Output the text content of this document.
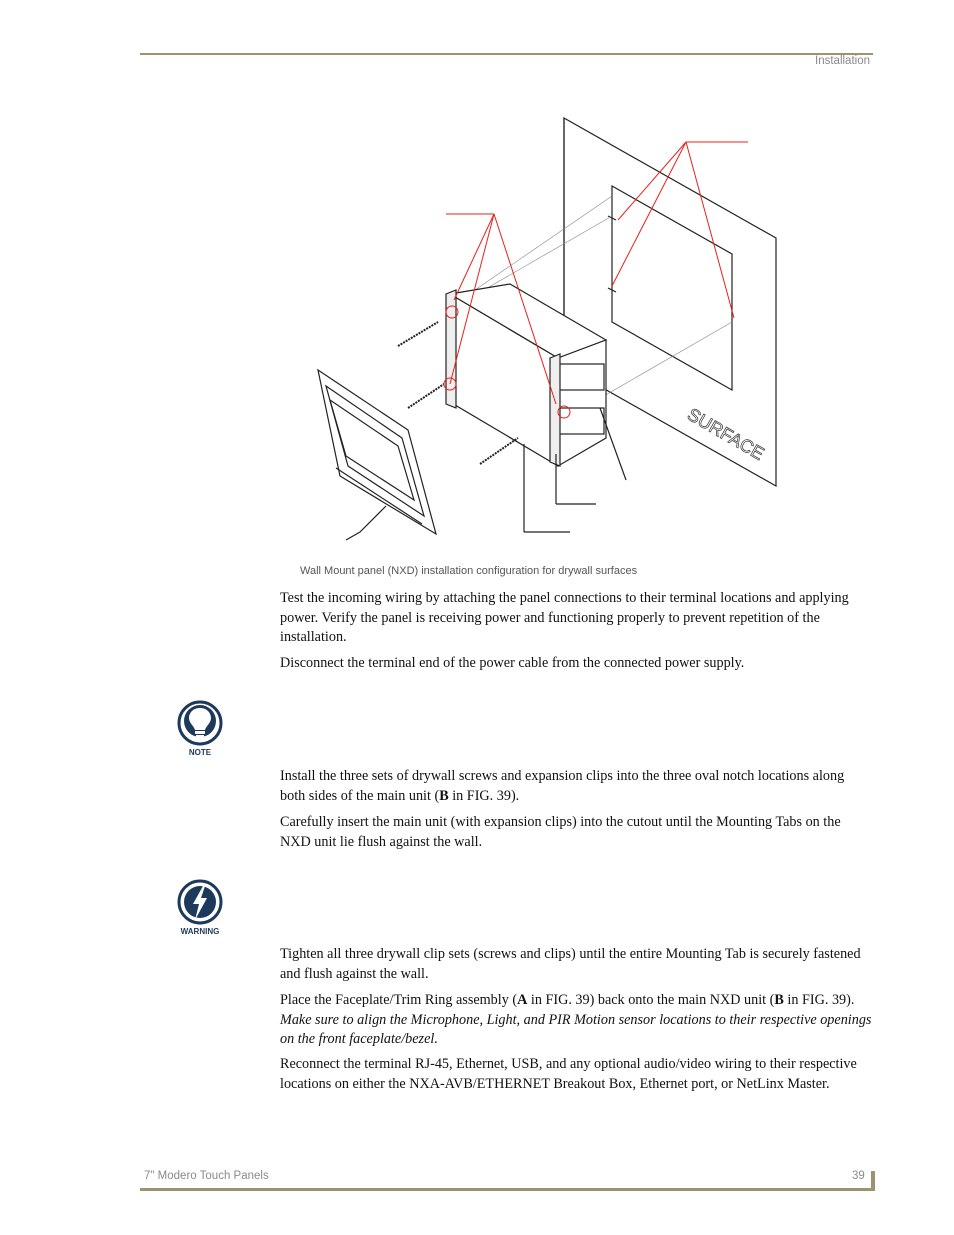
Installation
SURFACE
Wall Mount panel (NXD) installation configuration for drywall surfaces

Test the incoming wiring by attaching the panel connections to their terminal locations and applying power. Verify the panel is receiving power and functioning properly to prevent repetition of the installation.

Disconnect the terminal end of the power cable from the connected power supply.

NOTE

Install the three sets of drywall screws and expansion clips into the three oval notch locations along both sides of the main unit (B in FIG. 39).

Carefully insert the main unit (with expansion clips) into the cutout until the Mounting Tabs on the NXD unit lie flush against the wall.

WARNING

Tighten all three drywall clip sets (screws and clips) until the entire Mounting Tab is securely fastened and flush against the wall.

Place the Faceplate/Trim Ring assembly (A in FIG. 39) back onto the main NXD unit (B in FIG. 39). Make sure to align the Microphone, Light, and PIR Motion sensor locations to their respective openings on the front faceplate/bezel.

Reconnect the terminal RJ-45, Ethernet, USB, and any optional audio/video wiring to their respective locations on either the NXA-AVB/ETHERNET Breakout Box, Ethernet port, or NetLinx Master.

7" Modero Touch Panels	39
